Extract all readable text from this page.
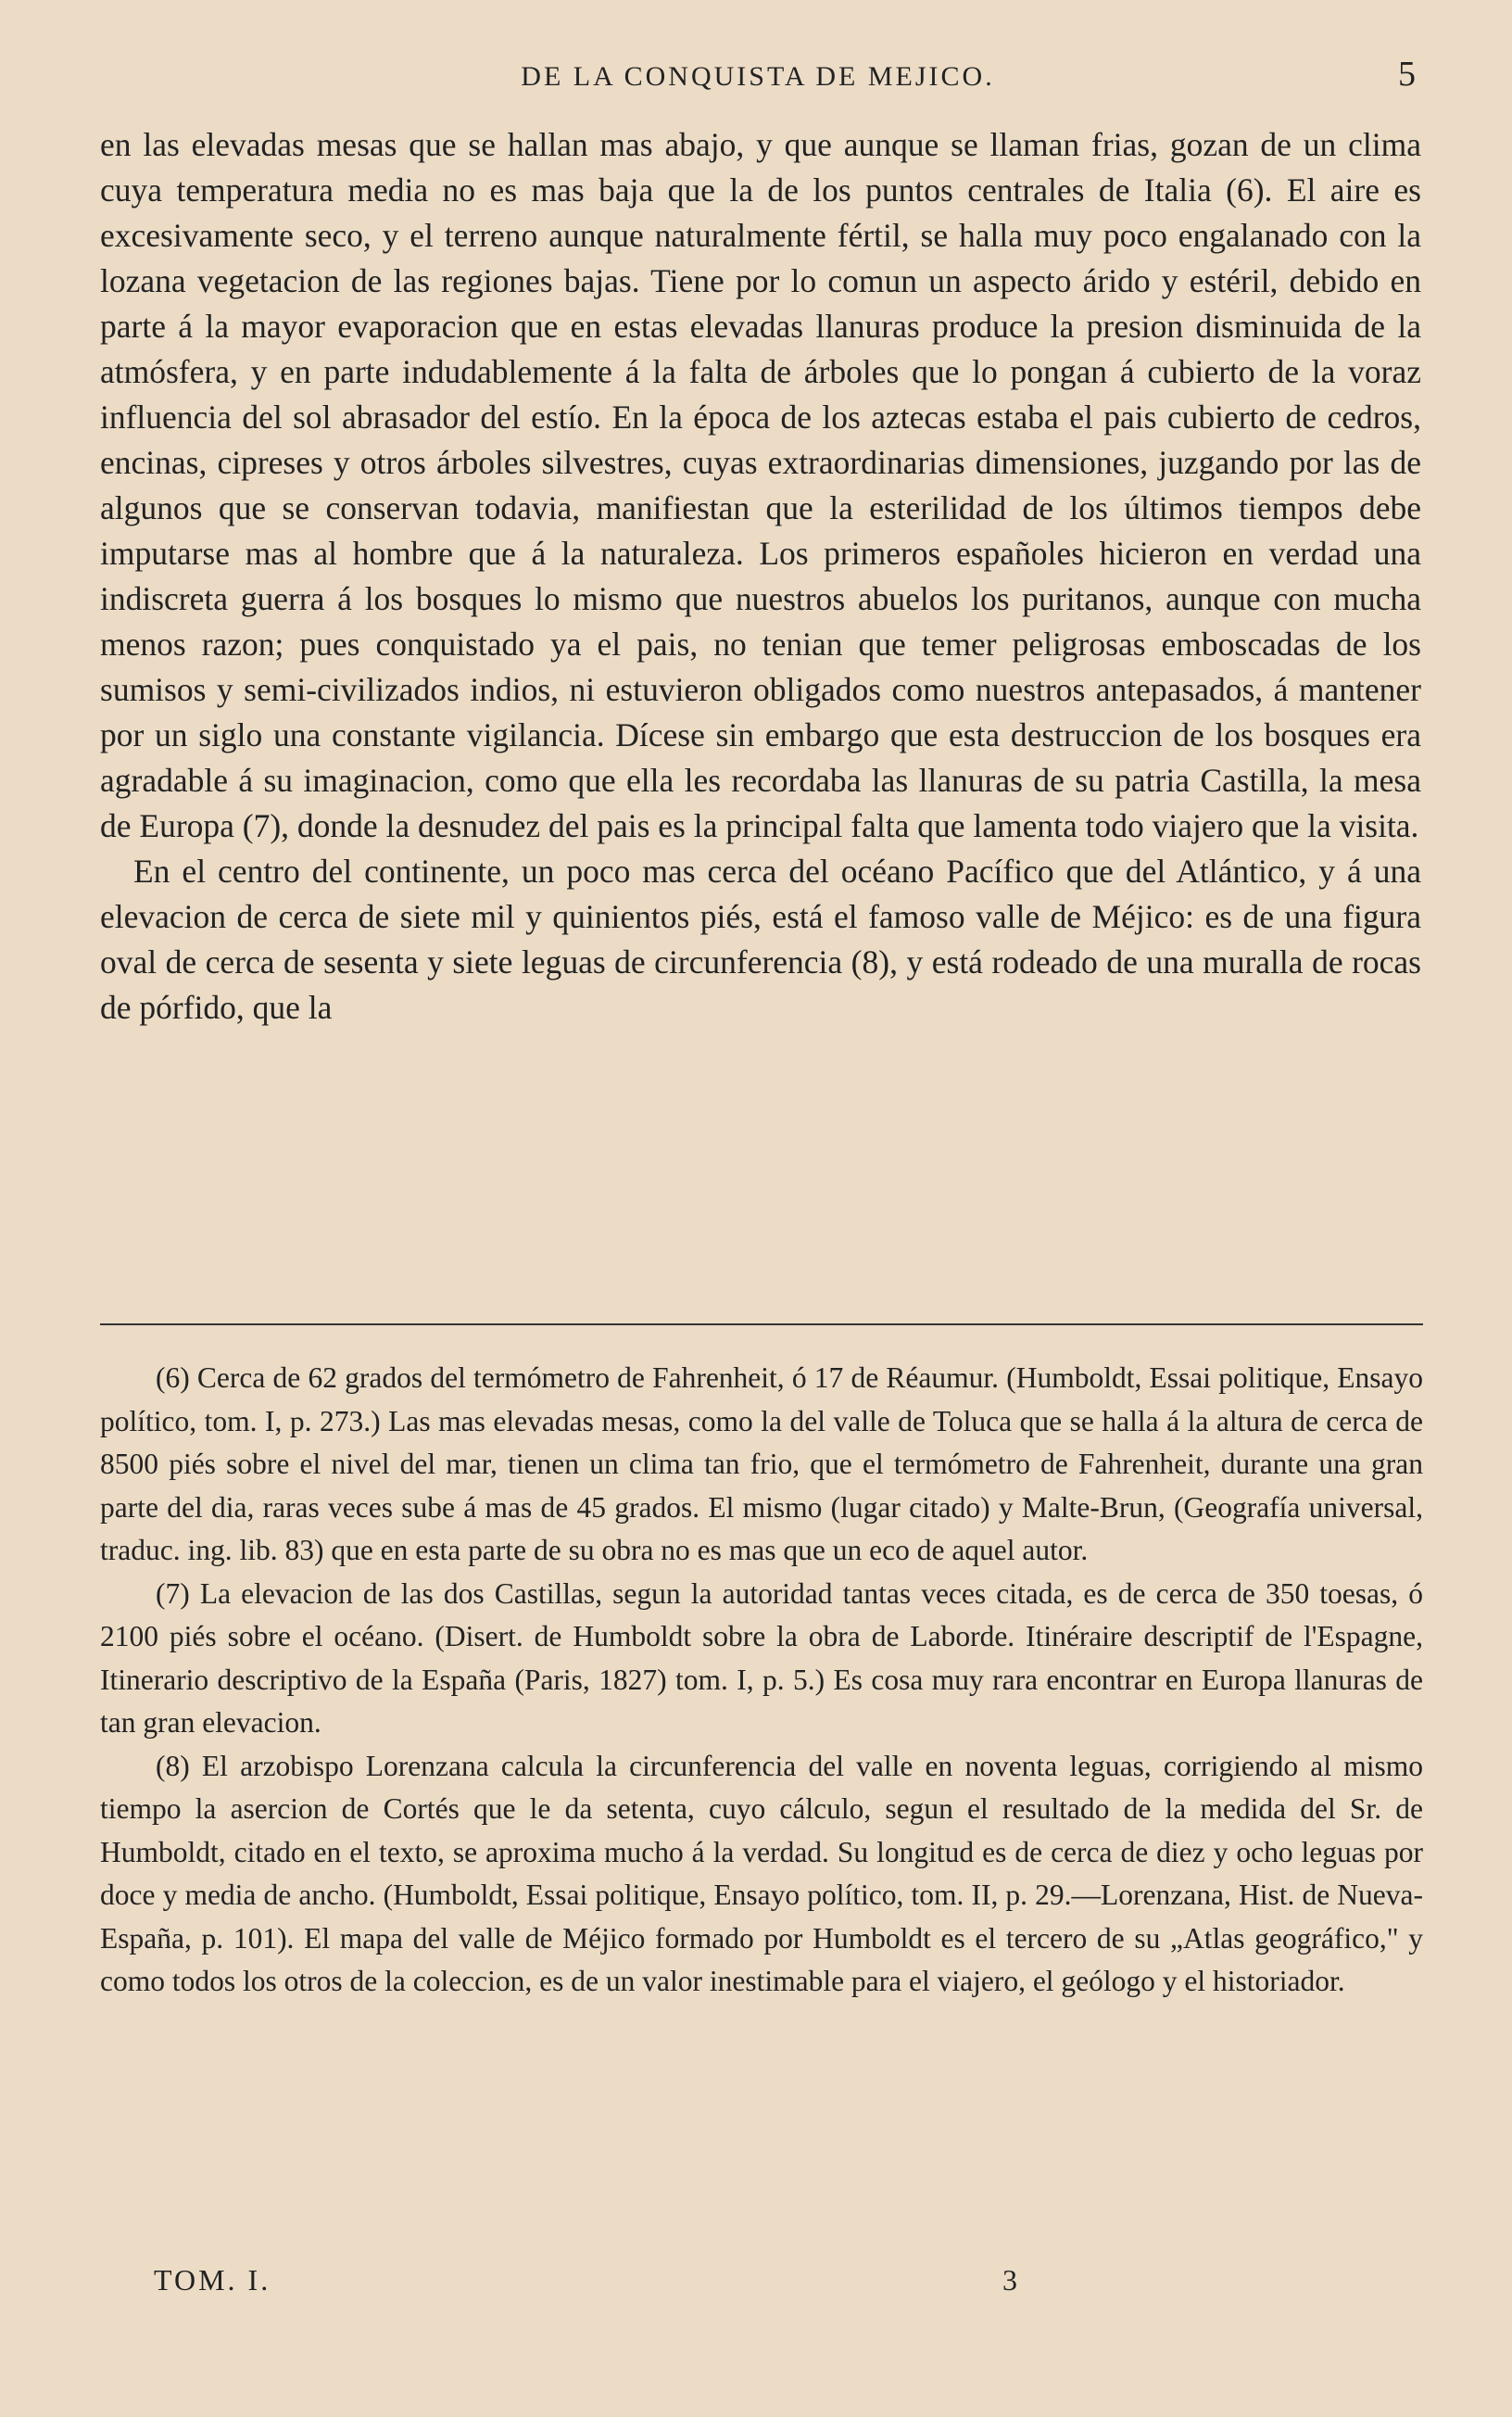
DE LA CONQUISTA DE MEJICO.	5

en las elevadas mesas que se hallan mas abajo, y que aunque se llaman frias, gozan de un clima cuya temperatura media no es mas baja que la de los puntos centrales de Italia (6). El aire es excesivamente seco, y el terreno aunque naturalmente fértil, se halla muy poco engalanado con la lozana vegetacion de las regiones bajas. Tiene por lo comun un aspecto árido y estéril, debido en parte á la mayor evaporacion que en estas elevadas llanuras produce la presion disminuida de la atmósfera, y en parte indudablemente á la falta de árboles que lo pongan á cubierto de la voraz influencia del sol abrasador del estío. En la época de los aztecas estaba el pais cubierto de cedros, encinas, cipreses y otros árboles silvestres, cuyas extraordinarias dimensiones, juzgando por las de algunos que se conservan todavia, manifiestan que la esterilidad de los últimos tiempos debe imputarse mas al hombre que á la naturaleza. Los primeros españoles hicieron en verdad una indiscreta guerra á los bosques lo mismo que nuestros abuelos los puritanos, aunque con mucha menos razon; pues conquistado ya el pais, no tenian que temer peligrosas emboscadas de los sumisos y semi-civilizados indios, ni estuvieron obligados como nuestros antepasados, á mantener por un siglo una constante vigilancia. Dícese sin embargo que esta destruccion de los bosques era agradable á su imaginacion, como que ella les recordaba las llanuras de su patria Castilla, la mesa de Europa (7), donde la desnudez del pais es la principal falta que lamenta todo viajero que la visita.

En el centro del continente, un poco mas cerca del océano Pacífico que del Atlántico, y á una elevacion de cerca de siete mil y quinientos piés, está el famoso valle de Méjico: es de una figura oval de cerca de sesenta y siete leguas de circunferencia (8), y está rodeado de una muralla de rocas de pórfido, que la

(6) Cerca de 62 grados del termómetro de Fahrenheit, ó 17 de Réaumur. (Humboldt, Essai politique, Ensayo político, tom. I, p. 273.) Las mas elevadas mesas, como la del valle de Toluca que se halla á la altura de cerca de 8500 piés sobre el nivel del mar, tienen un clima tan frio, que el termómetro de Fahrenheit, durante una gran parte del dia, raras veces sube á mas de 45 grados. El mismo (lugar citado) y Malte-Brun, (Geografía universal, traduc. ing. lib. 83) que en esta parte de su obra no es mas que un eco de aquel autor.

(7) La elevacion de las dos Castillas, segun la autoridad tantas veces citada, es de cerca de 350 toesas, ó 2100 piés sobre el océano. (Disert. de Humboldt sobre la obra de Laborde. Itinéraire descriptif de l'Espagne, Itinerario descriptivo de la España (Paris, 1827) tom. I, p. 5.) Es cosa muy rara encontrar en Europa llanuras de tan gran elevacion.

(8) El arzobispo Lorenzana calcula la circunferencia del valle en noventa leguas, corrigiendo al mismo tiempo la asercion de Cortés que le da setenta, cuyo cálculo, segun el resultado de la medida del Sr. de Humboldt, citado en el texto, se aproxima mucho á la verdad. Su longitud es de cerca de diez y ocho leguas por doce y media de ancho. (Humboldt, Essai politique, Ensayo político, tom. II, p. 29.—Lorenzana, Hist. de Nueva-España, p. 101). El mapa del valle de Méjico formado por Humboldt es el tercero de su „Atlas geográfico," y como todos los otros de la coleccion, es de un valor inestimable para el viajero, el geólogo y el historiador.

TOM. I.	3
